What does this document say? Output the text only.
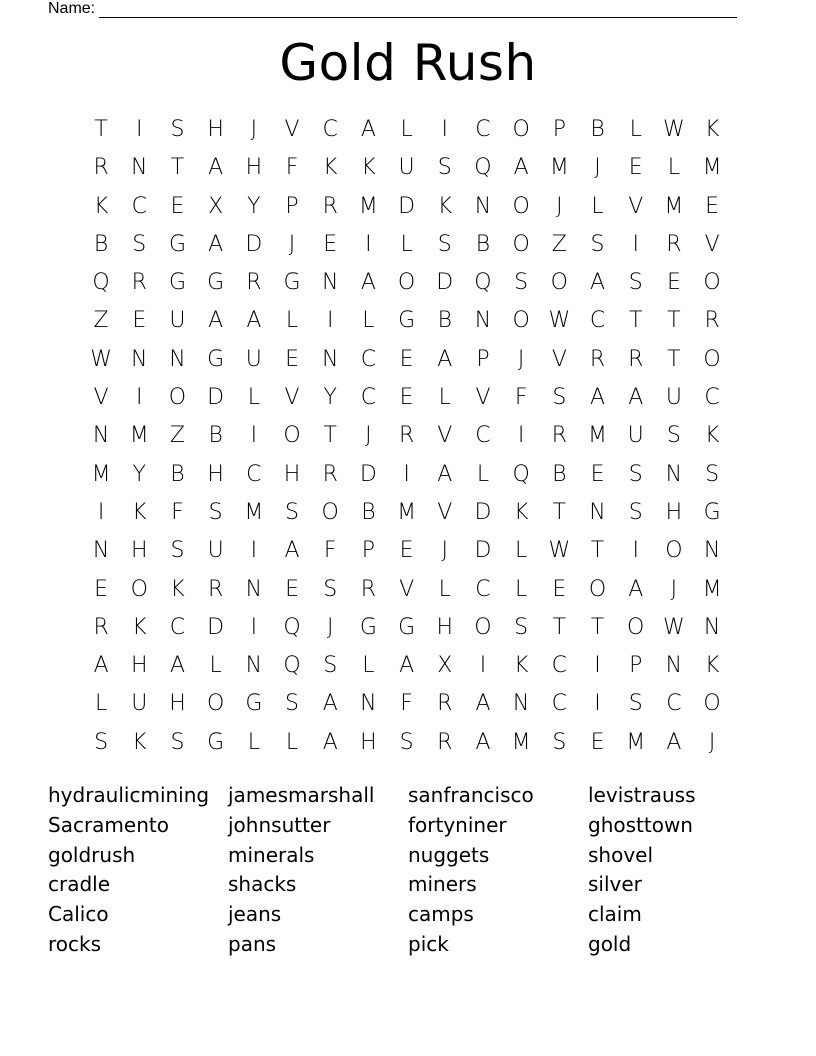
Name:
Gold Rush
T	I	S	H	J	V	C	A	L	I	C O	P	B	L W K
R	N	T	A	H	F	K	K	U	S	Q	A M	J	E	L	M
K	C	E	X	Y	P	R M D	K	N O	J	L	V M E
B	S	G	A	D	J	E	I	L	S	B	O Z	S	I	R	V
Q R	G G	R	G N	A O D Q	S	O	A	S	E	O
Z	E	U	A	A	L	I	L	G	B	N O W C	T	T	R
W N N G U	E	N	C	E	A	P	J	V	R	R	T	O
V	I	O D	L	V	Y	C	E	L	V	F	S	A	A	U	C
N M Z	B	I	O	T	J	R	V	C	I	R M U	S	K
M Y	B	H	C	H	R	D	I	A	L	Q	B	E	S	N	S
I	K	F	S M S	O	B M V	D	K	T	N	S	H G
N H	S	U	I	A	F	P	E	J	D	L W T	I	O N
E	O	K	R	N	E	S	R	V	L	C	L	E	O	A	J	M
R	K	C	D	I	Q	J	G G H O	S	T	T	O W N
A	H	A	L	N Q	S	L	A	X	I	K	C	I	P	N	K
L	U H O G	S	A	N	F	R	A	N	C	I	S	C O
S	K	S	G	L	L	A	H	S	R	A M S	E M A	J
hydraulicmining jamesmarshall	sanfrancisco	levistrauss
Sacramento	johnsutter	fortyniner	ghosttown
goldrush	minerals	nuggets	shovel
cradle	shacks	miners	silver
Calico	jeans	camps	claim
rocks	pans	pick	gold
